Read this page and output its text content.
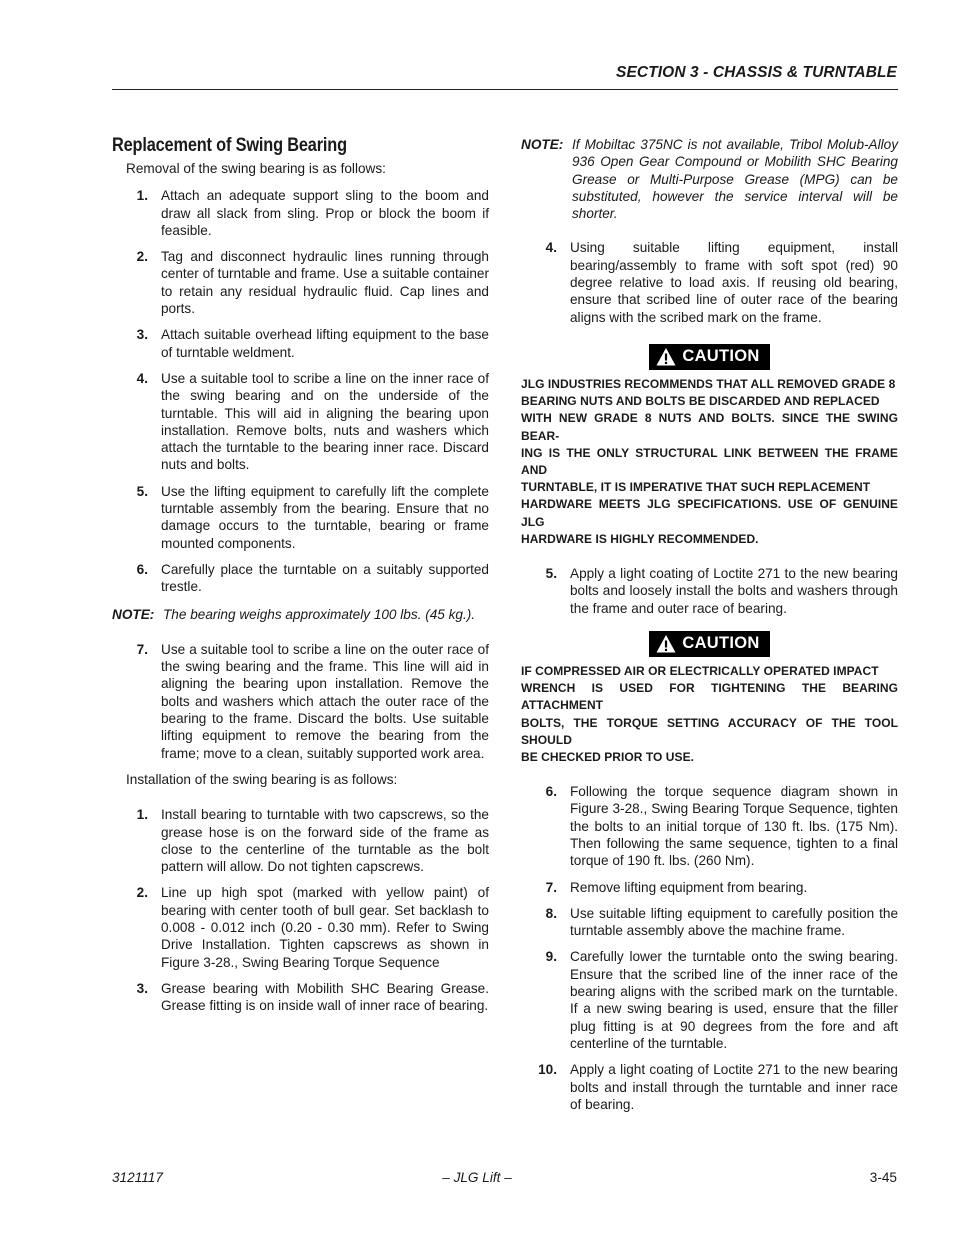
SECTION 3 - CHASSIS & TURNTABLE
Replacement of Swing Bearing
Removal of the swing bearing is as follows:
1. Attach an adequate support sling to the boom and draw all slack from sling. Prop or block the boom if feasible.
2. Tag and disconnect hydraulic lines running through center of turntable and frame. Use a suitable container to retain any residual hydraulic fluid. Cap lines and ports.
3. Attach suitable overhead lifting equipment to the base of turntable weldment.
4. Use a suitable tool to scribe a line on the inner race of the swing bearing and on the underside of the turntable. This will aid in aligning the bearing upon installation. Remove bolts, nuts and washers which attach the turntable to the bearing inner race. Discard nuts and bolts.
5. Use the lifting equipment to carefully lift the complete turntable assembly from the bearing. Ensure that no damage occurs to the turntable, bearing or frame mounted components.
6. Carefully place the turntable on a suitably supported trestle.
NOTE: The bearing weighs approximately 100 lbs. (45 kg.).
7. Use a suitable tool to scribe a line on the outer race of the swing bearing and the frame. This line will aid in aligning the bearing upon installation. Remove the bolts and washers which attach the outer race of the bearing to the frame. Discard the bolts. Use suitable lifting equipment to remove the bearing from the frame; move to a clean, suitably supported work area.
Installation of the swing bearing is as follows:
1. Install bearing to turntable with two capscrews, so the grease hose is on the forward side of the frame as close to the centerline of the turntable as the bolt pattern will allow. Do not tighten capscrews.
2. Line up high spot (marked with yellow paint) of bearing with center tooth of bull gear. Set backlash to 0.008 - 0.012 inch (0.20 - 0.30 mm). Refer to Swing Drive Installation. Tighten capscrews as shown in Figure 3-28., Swing Bearing Torque Sequence
3. Grease bearing with Mobilith SHC Bearing Grease. Grease fitting is on inside wall of inner race of bearing.
NOTE: If Mobiltac 375NC is not available, Tribol Molub-Alloy 936 Open Gear Compound or Mobilith SHC Bearing Grease or Multi-Purpose Grease (MPG) can be substituted, however the service interval will be shorter.
4. Using suitable lifting equipment, install bearing/assembly to frame with soft spot (red) 90 degree relative to load axis. If reusing old bearing, ensure that scribed line of outer race of the bearing aligns with the scribed mark on the frame.
CAUTION
JLG INDUSTRIES RECOMMENDS THAT ALL REMOVED GRADE 8
BEARING NUTS AND BOLTS BE DISCARDED AND REPLACED
WITH NEW GRADE 8 NUTS AND BOLTS. SINCE THE SWING BEAR-
ING IS THE ONLY STRUCTURAL LINK BETWEEN THE FRAME AND
TURNTABLE, IT IS IMPERATIVE THAT SUCH REPLACEMENT
HARDWARE MEETS JLG SPECIFICATIONS. USE OF GENUINE JLG
HARDWARE IS HIGHLY RECOMMENDED.
5. Apply a light coating of Loctite 271 to the new bearing bolts and loosely install the bolts and washers through the frame and outer race of bearing.
CAUTION
IF COMPRESSED AIR OR ELECTRICALLY OPERATED IMPACT
WRENCH IS USED FOR TIGHTENING THE BEARING ATTACHMENT
BOLTS, THE TORQUE SETTING ACCURACY OF THE TOOL SHOULD
BE CHECKED PRIOR TO USE.
6. Following the torque sequence diagram shown in Figure 3-28., Swing Bearing Torque Sequence, tighten the bolts to an initial torque of 130 ft. lbs. (175 Nm). Then following the same sequence, tighten to a final torque of 190 ft. lbs. (260 Nm).
7. Remove lifting equipment from bearing.
8. Use suitable lifting equipment to carefully position the turntable assembly above the machine frame.
9. Carefully lower the turntable onto the swing bearing. Ensure that the scribed line of the inner race of the bearing aligns with the scribed mark on the turntable. If a new swing bearing is used, ensure that the filler plug fitting is at 90 degrees from the fore and aft centerline of the turntable.
10. Apply a light coating of Loctite 271 to the new bearing bolts and install through the turntable and inner race of bearing.
3121117	– JLG Lift –	3-45
